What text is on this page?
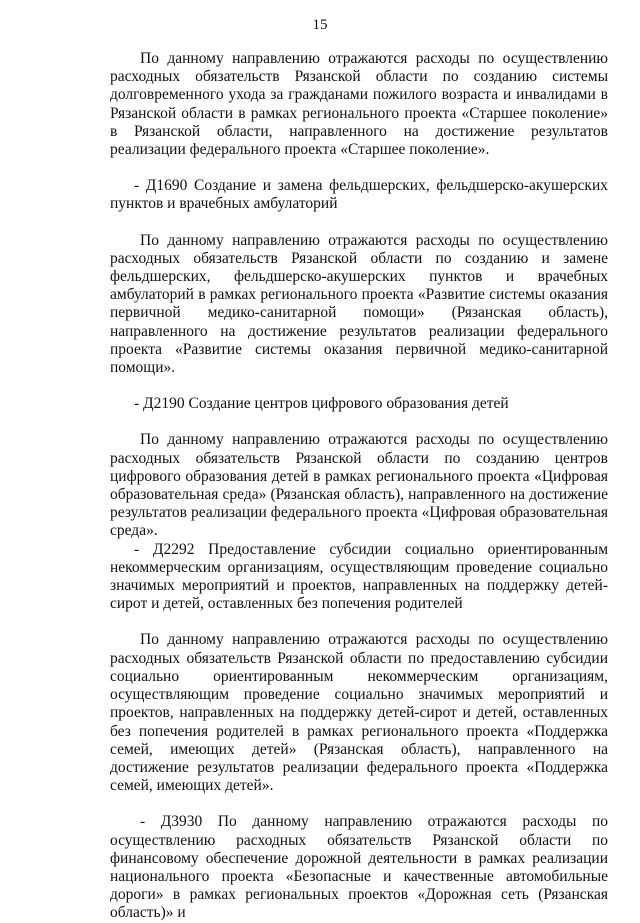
15

По данному направлению отражаются расходы по осуществлению расходных обязательств Рязанской области по созданию системы долговременного ухода за гражданами пожилого возраста и инвалидами в Рязанской области в рамках регионального проекта «Старшее поколение» в Рязанской области, направленного на достижение результатов реализации федерального проекта «Старшее поколение».

- Д1690 Создание и замена фельдшерских, фельдшерско-акушерских пунктов и врачебных амбулаторий

По данному направлению отражаются расходы по осуществлению расходных обязательств Рязанской области по созданию и замене фельдшерских, фельдшерско-акушерских пунктов и врачебных амбулаторий в рамках регионального проекта «Развитие системы оказания первичной медико-санитарной помощи» (Рязанская область), направленного на достижение результатов реализации федерального проекта «Развитие системы оказания первичной медико-санитарной помощи».

- Д2190 Создание центров цифрового образования детей

По данному направлению отражаются расходы по осуществлению расходных обязательств Рязанской области по созданию центров цифрового образования детей в рамках регионального проекта «Цифровая образовательная среда» (Рязанская область), направленного на достижение результатов реализации федерального проекта «Цифровая образовательная среда».

- Д2292 Предоставление субсидии социально ориентированным некоммерческим организациям, осуществляющим проведение социально значимых мероприятий и проектов, направленных на поддержку детей-сирот и детей, оставленных без попечения родителей

По данному направлению отражаются расходы по осуществлению расходных обязательств Рязанской области по предоставлению субсидии социально ориентированным некоммерческим организациям, осуществляющим проведение социально значимых мероприятий и проектов, направленных на поддержку детей-сирот и детей, оставленных без попечения родителей в рамках регионального проекта «Поддержка семей, имеющих детей» (Рязанская область), направленного на достижение результатов реализации федерального проекта «Поддержка семей, имеющих детей».

- Д3930 По данному направлению отражаются расходы по осуществлению расходных обязательств Рязанской области по финансовому обеспечение дорожной деятельности в рамках реализации национального проекта «Безопасные и качественные автомобильные дороги» в рамках региональных проектов «Дорожная сеть (Рязанская область)» и
